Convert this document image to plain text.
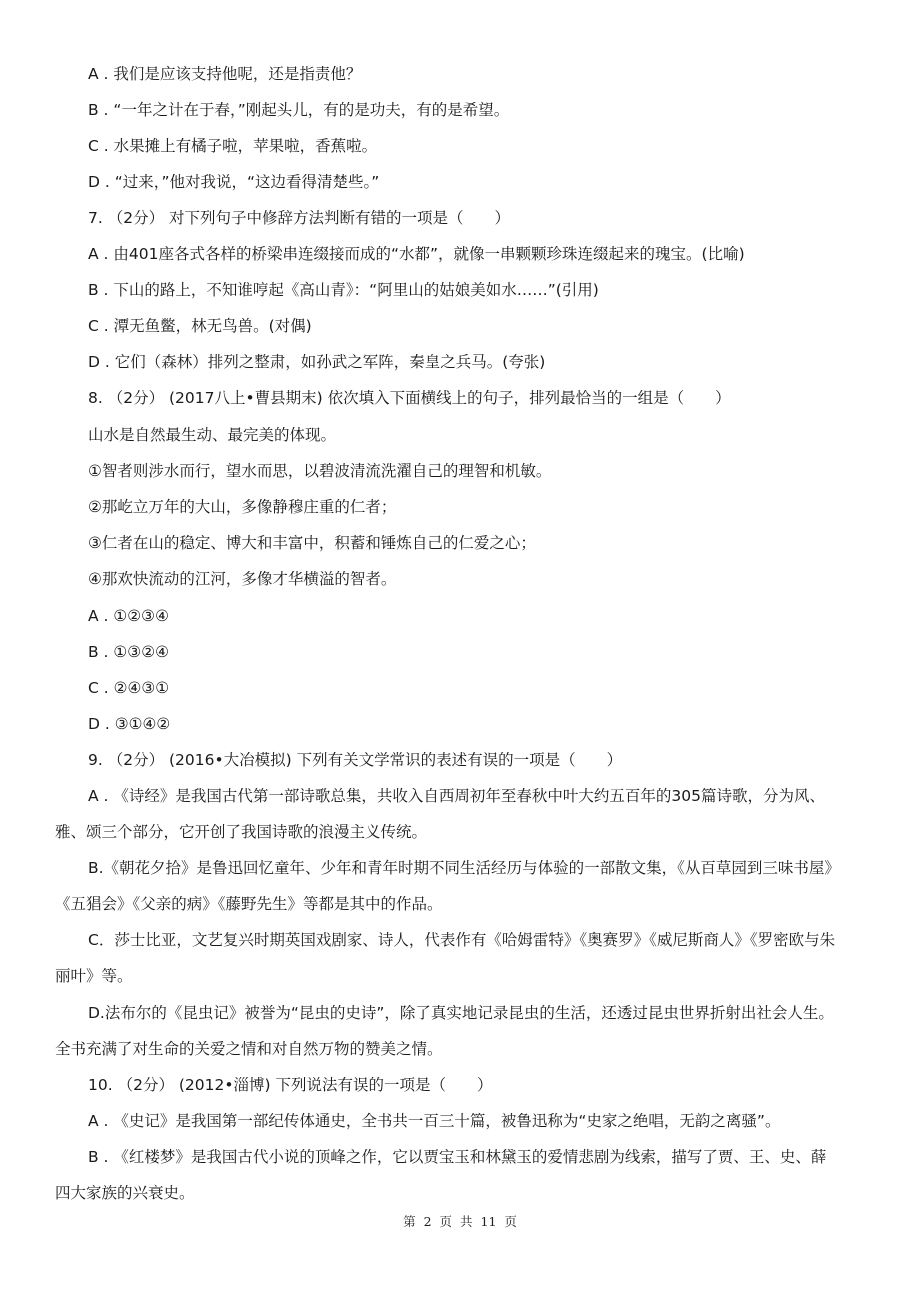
A . 我们是应该支持他呢，还是指责他？
B . “一年之计在于春，”刚起头儿，有的是功夫，有的是希望。
C . 水果摊上有橘子啦，苹果啦，香蕉啦。
D . “过来，”他对我说，“这边看得清楚些。”
7. （2分） 对下列句子中修辞方法判断有错的一项是（　　）
A . 由401座各式各样的桥梁串连缀接而成的“水都”，就像一串颗颗珍珠连缀起来的瑰宝。(比喻)
B . 下山的路上，不知谁哼起《高山青》：“阿里山的姑娘美如水……”(引用)
C . 潭无鱼鳖，林无鸟兽。(对偶)
D . 它们（森林）排列之整肃，如孙武之军阵，秦皇之兵马。(夸张)
8. （2分） (2017八上•曹县期末) 依次填入下面横线上的句子，排列最恰当的一组是（　　）
山水是自然最生动、最完美的体现。
①智者则涉水而行，望水而思，以碧波清流洗濯自己的理智和机敏。
②那屹立万年的大山，多像静穆庄重的仁者；
③仁者在山的稳定、博大和丰富中，积蓄和锤炼自己的仁爱之心；
④那欢快流动的江河，多像才华横溢的智者。
A . ①②③④
B . ①③②④
C . ②④③①
D . ③①④②
9. （2分） (2016•大冶模拟) 下列有关文学常识的表述有误的一项是（　　）
A . 《诗经》是我国古代第一部诗歌总集，共收入自西周初年至春秋中叶大约五百年的305篇诗歌，分为风、
雅、颂三个部分，它开创了我国诗歌的浪漫主义传统。
B.《朝花夕拾》是鲁迅回忆童年、少年和青年时期不同生活经历与体验的一部散文集，《从百草园到三味书屋》
《五猖会》《父亲的病》《藤野先生》等都是其中的作品。
C．莎士比亚，文艺复兴时期英国戏剧家、诗人，代表作有《哈姆雷特》《奥赛罗》《威尼斯商人》《罗密欧与朱
丽叶》等。
D.法布尔的《昆虫记》被誉为“昆虫的史诗”，除了真实地记录昆虫的生活，还透过昆虫世界折射出社会人生。
全书充满了对生命的关爱之情和对自然万物的赞美之情。
10. （2分） (2012•淄博) 下列说法有误的一项是（　　）
A . 《史记》是我国第一部纪传体通史，全书共一百三十篇，被鲁迅称为“史家之绝唱，无韵之离骚”。
B . 《红楼梦》是我国古代小说的顶峰之作，它以贾宝玉和林黛玉的爱情悲剧为线索，描写了贾、王、史、薛
四大家族的兴衰史。
第 2 页 共 11 页
